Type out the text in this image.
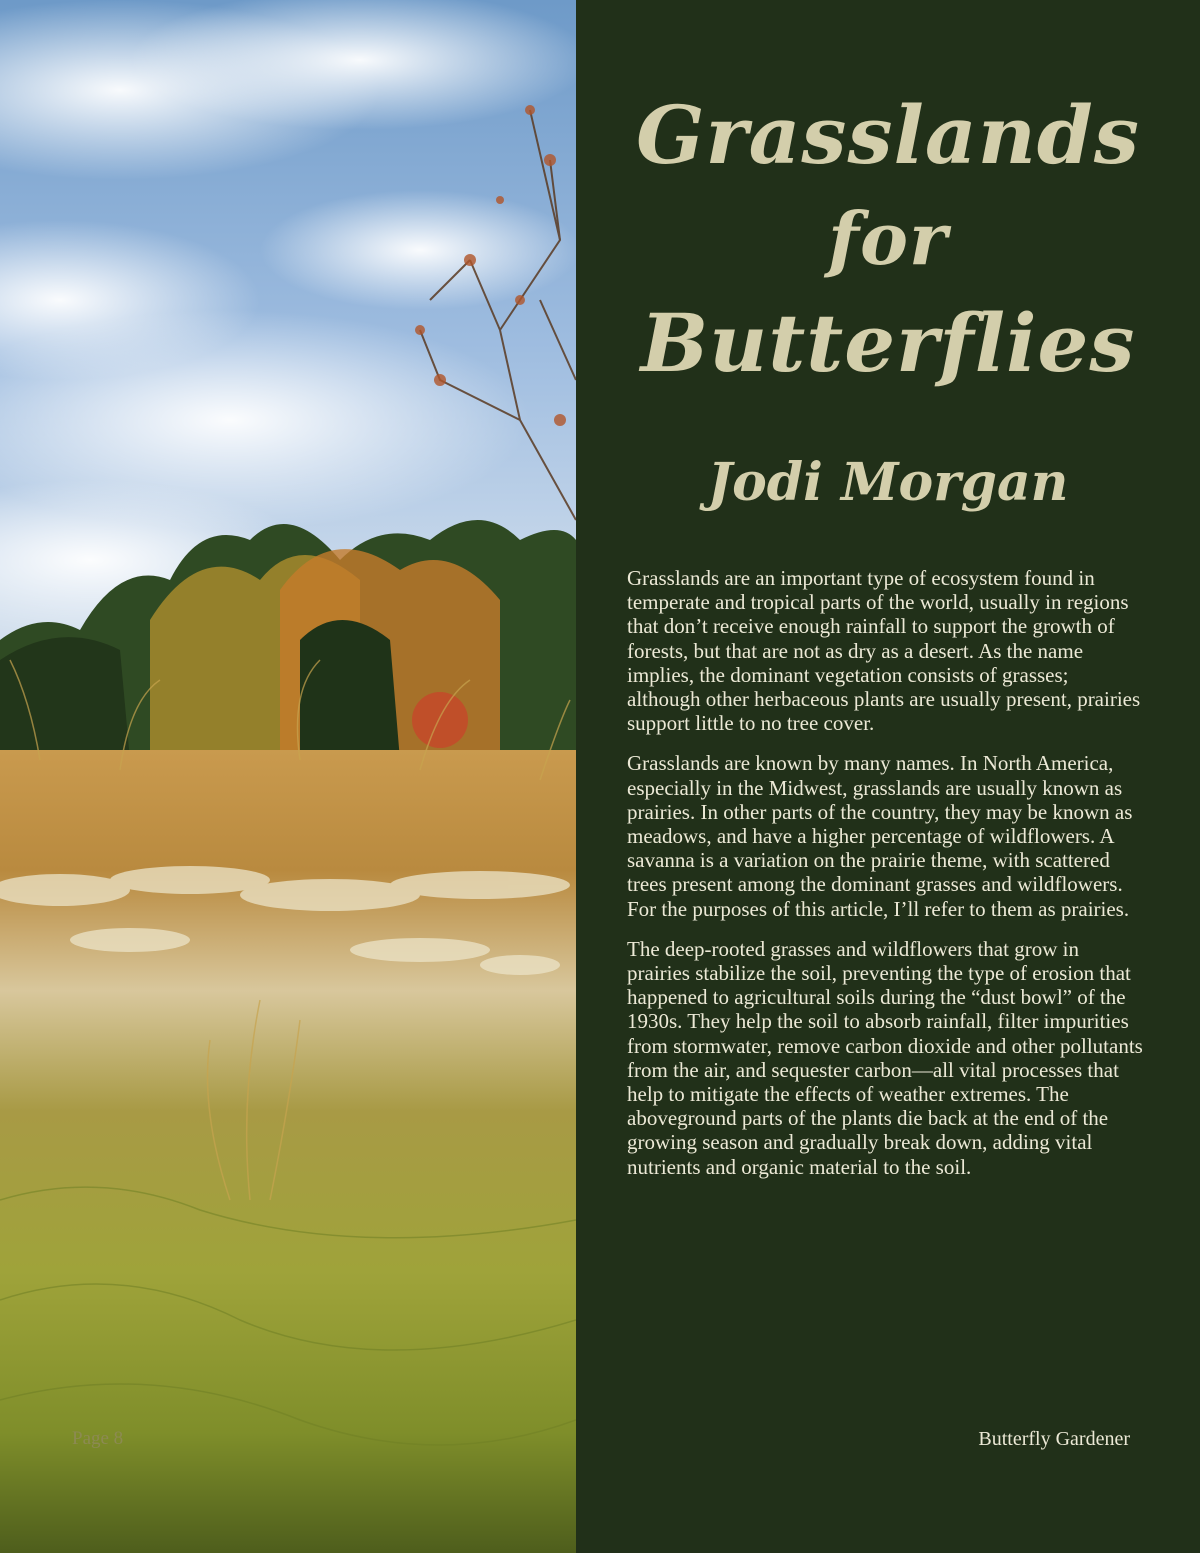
Page 8
Grasslands
for
Butterflies
Jodi Morgan

Grasslands are an important type of ecosystem found in temperate and tropical parts of the world, usually in regions that don’t receive enough rainfall to support the growth of forests, but that are not as dry as a desert. As the name implies, the dominant vegetation consists of grasses; although other herbaceous plants are usually present, prairies support little to no tree cover.

Grasslands are known by many names. In North America, especially in the Midwest, grasslands are usually known as prairies. In other parts of the country, they may be known as meadows, and have a higher percentage of wildflowers. A savanna is a variation on the prairie theme, with scattered trees present among the dominant grasses and wildflowers. For the purposes of this article, I’ll refer to them as prairies.

The deep-rooted grasses and wildflowers that grow in prairies stabilize the soil, preventing the type of erosion that happened to agricultural soils during the “dust bowl” of the 1930s. They help the soil to absorb rainfall, filter impurities from stormwater, remove carbon dioxide and other pollutants from the air, and sequester carbon—all vital processes that help to mitigate the effects of weather extremes. The aboveground parts of the plants die back at the end of the growing season and gradually break down, adding vital nutrients and organic material to the soil.

Butterfly Gardener
